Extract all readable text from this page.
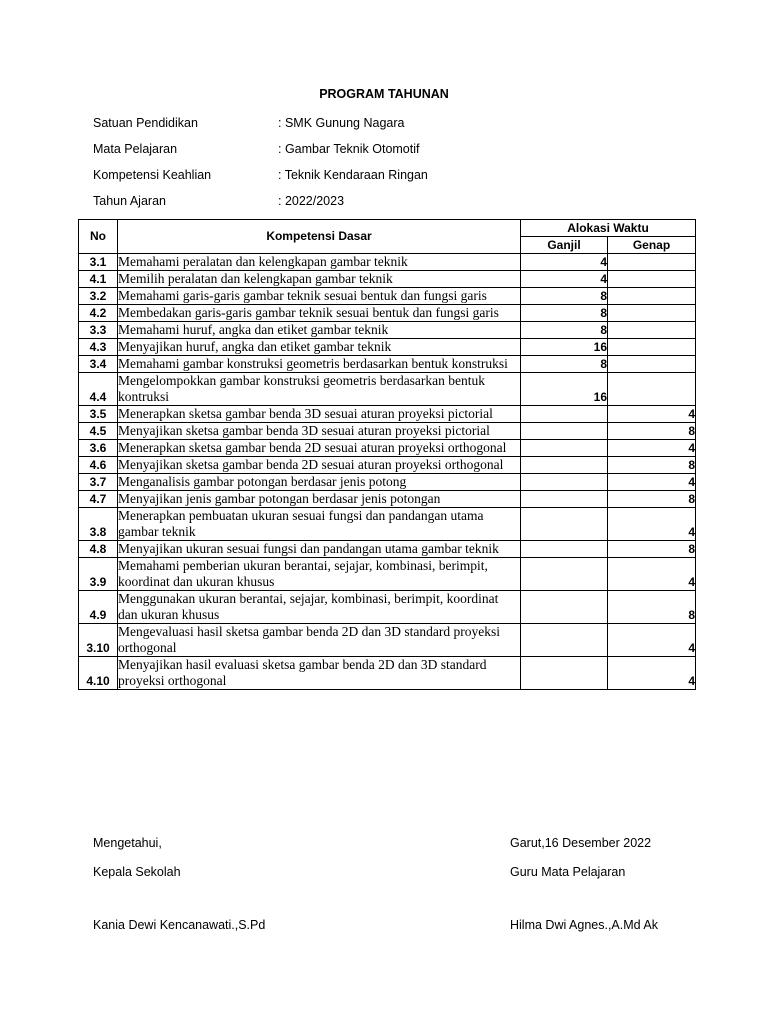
PROGRAM TAHUNAN
Satuan Pendidikan	: SMK Gunung Nagara
Mata Pelajaran	: Gambar Teknik Otomotif
Kompetensi Keahlian	: Teknik Kendaraan Ringan
Tahun Ajaran	: 2022/2023
No	Kompetensi Dasar	Alokasi Waktu	
		Ganjil	Genap
3.1	Memahami peralatan dan kelengkapan gambar teknik	4	
4.1	Memilih peralatan dan kelengkapan gambar teknik	4	
3.2	Memahami garis-garis gambar teknik sesuai bentuk dan fungsi garis	8	
4.2	Membedakan garis-garis gambar teknik sesuai bentuk dan fungsi garis	8	
3.3	Memahami huruf, angka dan etiket gambar teknik	8	
4.3	Menyajikan huruf, angka dan etiket gambar teknik	16	
3.4	Memahami gambar konstruksi geometris berdasarkan bentuk konstruksi	8	
4.4	Mengelompokkan gambar konstruksi geometris berdasarkan bentuk kontruksi	16	
3.5	Menerapkan sketsa gambar benda 3D sesuai aturan proyeksi pictorial		4
4.5	Menyajikan sketsa gambar benda 3D sesuai aturan proyeksi pictorial		8
3.6	Menerapkan sketsa gambar benda 2D sesuai aturan proyeksi orthogonal		4
4.6	Menyajikan sketsa gambar benda 2D sesuai aturan proyeksi orthogonal		8
3.7	Menganalisis gambar potongan berdasar jenis potong		4
4.7	Menyajikan jenis gambar potongan berdasar jenis potongan		8
3.8	Menerapkan pembuatan ukuran sesuai fungsi dan pandangan utama gambar teknik		4
4.8	Menyajikan ukuran sesuai fungsi dan pandangan utama gambar teknik		8
3.9	Memahami pemberian ukuran berantai, sejajar, kombinasi, berimpit, koordinat dan ukuran khusus		4
4.9	Menggunakan ukuran berantai, sejajar, kombinasi, berimpit, koordinat dan ukuran khusus		8
3.10	Mengevaluasi hasil sketsa gambar benda 2D dan 3D standard proyeksi orthogonal		4
4.10	Menyajikan hasil evaluasi sketsa gambar benda 2D dan 3D standard proyeksi orthogonal		4
Mengetahui,
Kepala Sekolah
Kania Dewi Kencanawati.,S.Pd
Garut,16 Desember 2022
Guru Mata Pelajaran
Hilma Dwi Agnes.,A.Md Ak
